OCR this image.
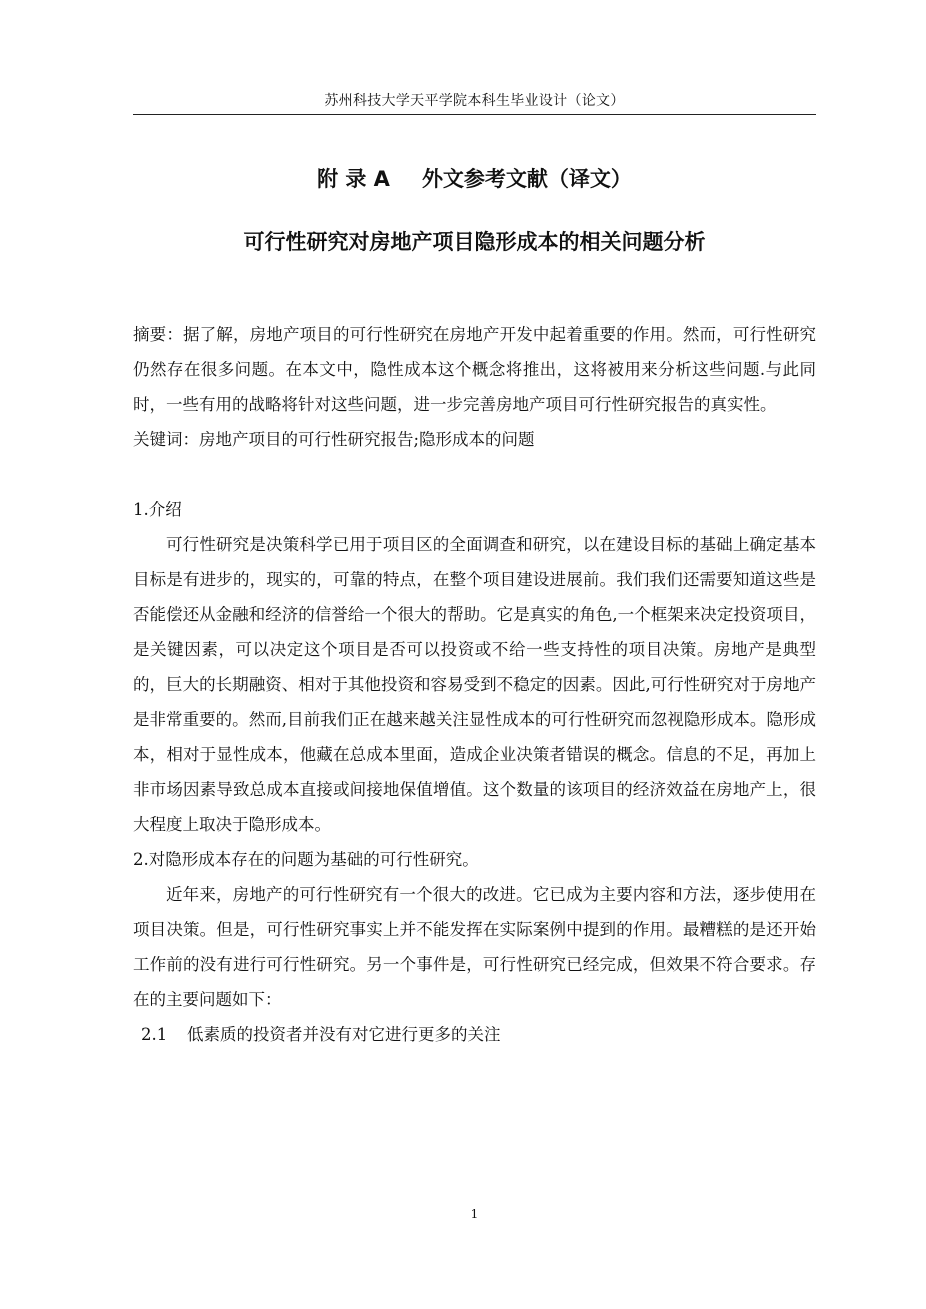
苏州科技大学天平学院本科生毕业设计（论文）
附 录 A 外文参考文献（译文）
可行性研究对房地产项目隐形成本的相关问题分析

摘要：据了解，房地产项目的可行性研究在房地产开发中起着重要的作用。然而，可行性研究仍然存在很多问题。在本文中，隐性成本这个概念将推出，这将被用来分析这些问题.与此同时，一些有用的战略将针对这些问题，进一步完善房地产项目可行性研究报告的真实性。

关键词：房地产项目的可行性研究报告;隐形成本的问题

1.介绍

可行性研究是决策科学已用于项目区的全面调查和研究，以在建设目标的基础上确定基本目标是有进步的，现实的，可靠的特点，在整个项目建设进展前。我们我们还需要知道这些是否能偿还从金融和经济的信誉给一个很大的帮助。它是真实的角色,一个框架来决定投资项目，是关键因素，可以决定这个项目是否可以投资或不给一些支持性的项目决策。房地产是典型的，巨大的长期融资、相对于其他投资和容易受到不稳定的因素。因此,可行性研究对于房地产是非常重要的。然而,目前我们正在越来越关注显性成本的可行性研究而忽视隐形成本。隐形成本，相对于显性成本，他藏在总成本里面，造成企业决策者错误的概念。信息的不足，再加上非市场因素导致总成本直接或间接地保值增值。这个数量的该项目的经济效益在房地产上，很大程度上取决于隐形成本。

2.对隐形成本存在的问题为基础的可行性研究。

近年来，房地产的可行性研究有一个很大的改进。它已成为主要内容和方法，逐步使用在项目决策。但是，可行性研究事实上并不能发挥在实际案例中提到的作用。最糟糕的是还开始工作前的没有进行可行性研究。另一个事件是，可行性研究已经完成，但效果不符合要求。存在的主要问题如下：

2.1 低素质的投资者并没有对它进行更多的关注

1
